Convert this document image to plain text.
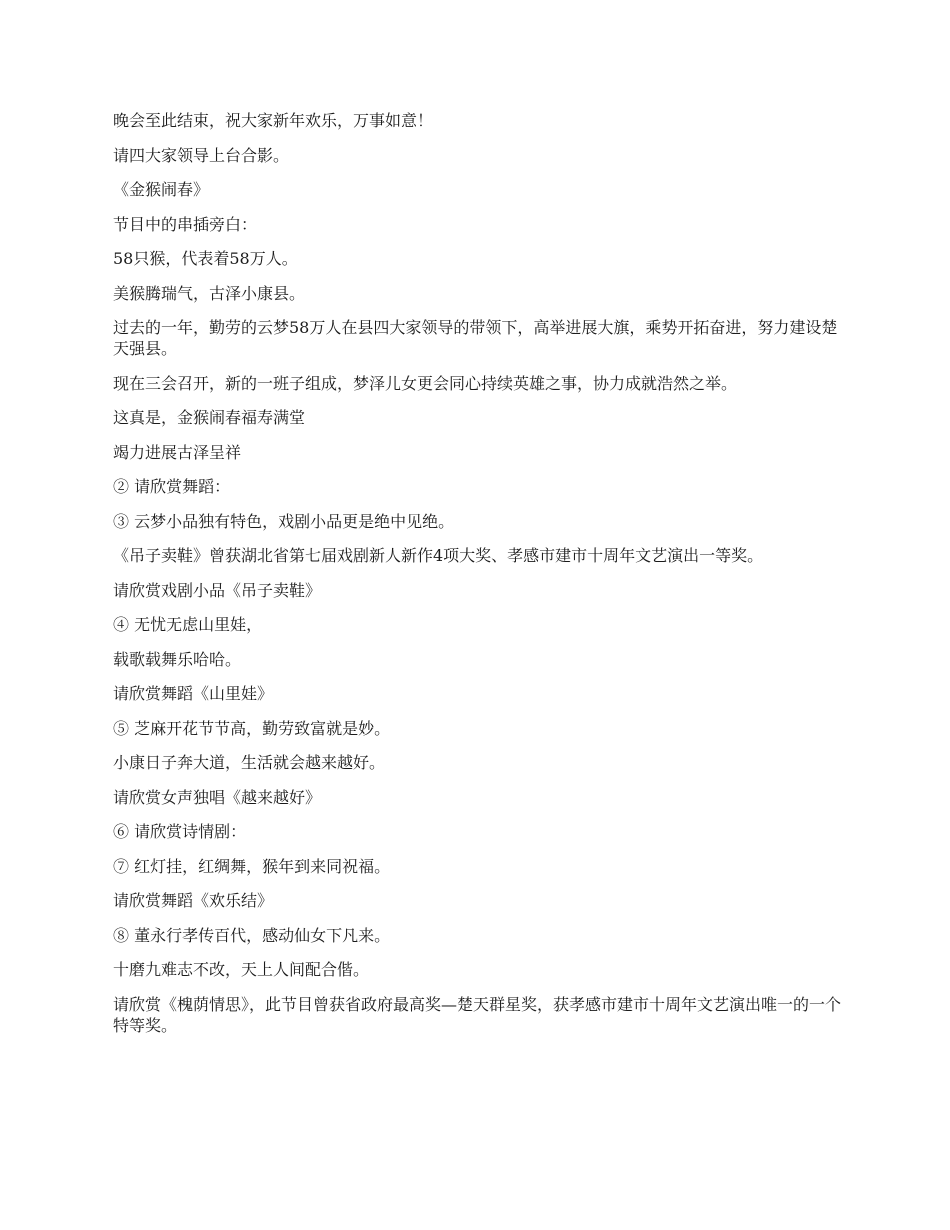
晚会至此结束，祝大家新年欢乐，万事如意！

请四大家领导上台合影。

《金猴闹春》

节目中的串插旁白：

58只猴，代表着58万人。

美猴腾瑞气，古泽小康县。

过去的一年，勤劳的云梦58万人在县四大家领导的带领下，高举进展大旗，乘势开拓奋进，努力建设楚天强县。

现在三会召开，新的一班子组成，梦泽儿女更会同心持续英雄之事，协力成就浩然之举。

这真是，金猴闹春福寿满堂

竭力进展古泽呈祥

② 请欣赏舞蹈：

③ 云梦小品独有特色，戏剧小品更是绝中见绝。

《吊子卖鞋》曾获湖北省第七届戏剧新人新作4项大奖、孝感市建市十周年文艺演出一等奖。

请欣赏戏剧小品《吊子卖鞋》

④ 无忧无虑山里娃，

载歌载舞乐哈哈。

请欣赏舞蹈《山里娃》

⑤ 芝麻开花节节高，勤劳致富就是妙。

小康日子奔大道，生活就会越来越好。

请欣赏女声独唱《越来越好》

⑥ 请欣赏诗情剧：

⑦ 红灯挂，红绸舞，猴年到来同祝福。

请欣赏舞蹈《欢乐结》

⑧ 董永行孝传百代，感动仙女下凡来。

十磨九难志不改，天上人间配合偕。

请欣赏《槐荫情思》，此节目曾获省政府最高奖—楚天群星奖，获孝感市建市十周年文艺演出唯一的一个特等奖。
